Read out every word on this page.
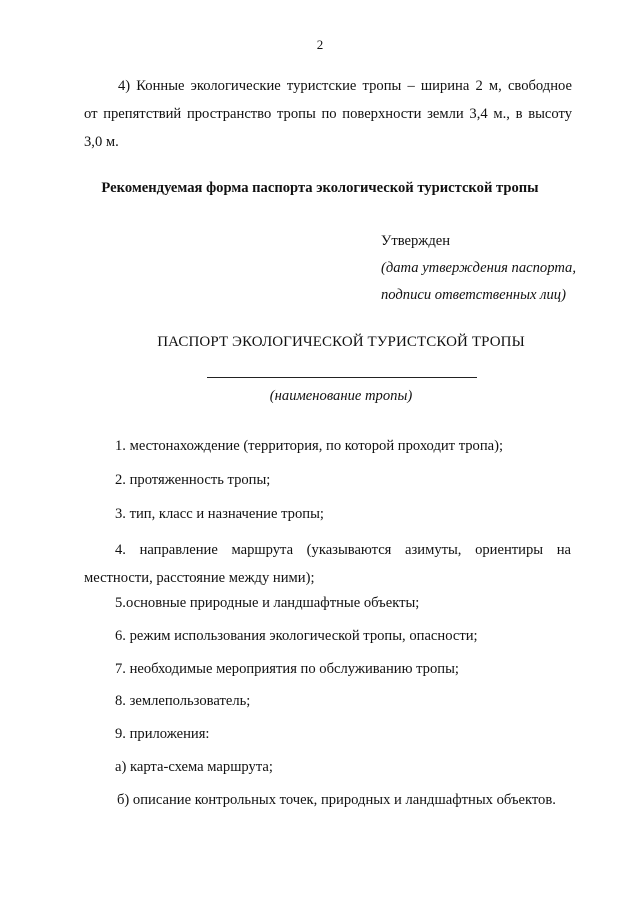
2
4) Конные экологические туристские тропы – ширина 2 м, свободное
от препятствий пространство тропы по поверхности земли 3,4 м., в высоту
3,0 м.
Рекомендуемая форма паспорта экологической туристской тропы
Утвержден
(дата утверждения паспорта,
подписи ответственных лиц)
ПАСПОРТ ЭКОЛОГИЧЕСКОЙ ТУРИСТСКОЙ ТРОПЫ
(наименование тропы)
1. местонахождение (территория, по которой проходит тропа);
2. протяженность тропы;
3. тип, класс и назначение тропы;
4. направление маршрута (указываются азимуты, ориентиры на
местности, расстояние между ними);
5.основные природные и ландшафтные объекты;
6. режим использования экологической тропы, опасности;
7. необходимые мероприятия по обслуживанию тропы;
8. землепользователь;
9. приложения:
а) карта-схема маршрута;
б) описание контрольных точек, природных и ландшафтных объектов.
